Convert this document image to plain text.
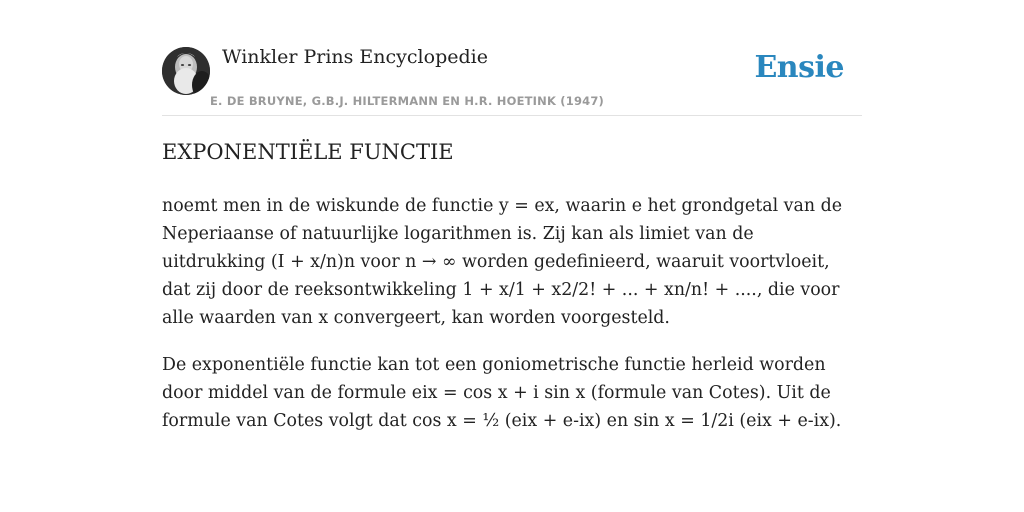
Winkler Prins Encyclopedie
E. DE BRUYNE, G.B.J. HILTERMANN EN H.R. HOETINK (1947)
Ensie
EXPONENTIËLE FUNCTIE

noemt men in de wiskunde de functie y = ex, waarin e het grondgetal van de Neperiaanse of natuurlijke logarithmen is. Zij kan als limiet van de uitdrukking (I + x/n)n voor n → ∞ worden gedefinieerd, waaruit voortvloeit, dat zij door de reeksontwikkeling 1 + x/1 + x2/2! + ... + xn/n! + ...., die voor alle waarden van x convergeert, kan worden voorgesteld.

De exponentiële functie kan tot een goniometrische functie herleid worden door middel van de formule eix = cos x + i sin x (formule van Cotes). Uit de formule van Cotes volgt dat cos x = ½ (eix + e-ix) en sin x = 1/2i (eix + e-ix).
